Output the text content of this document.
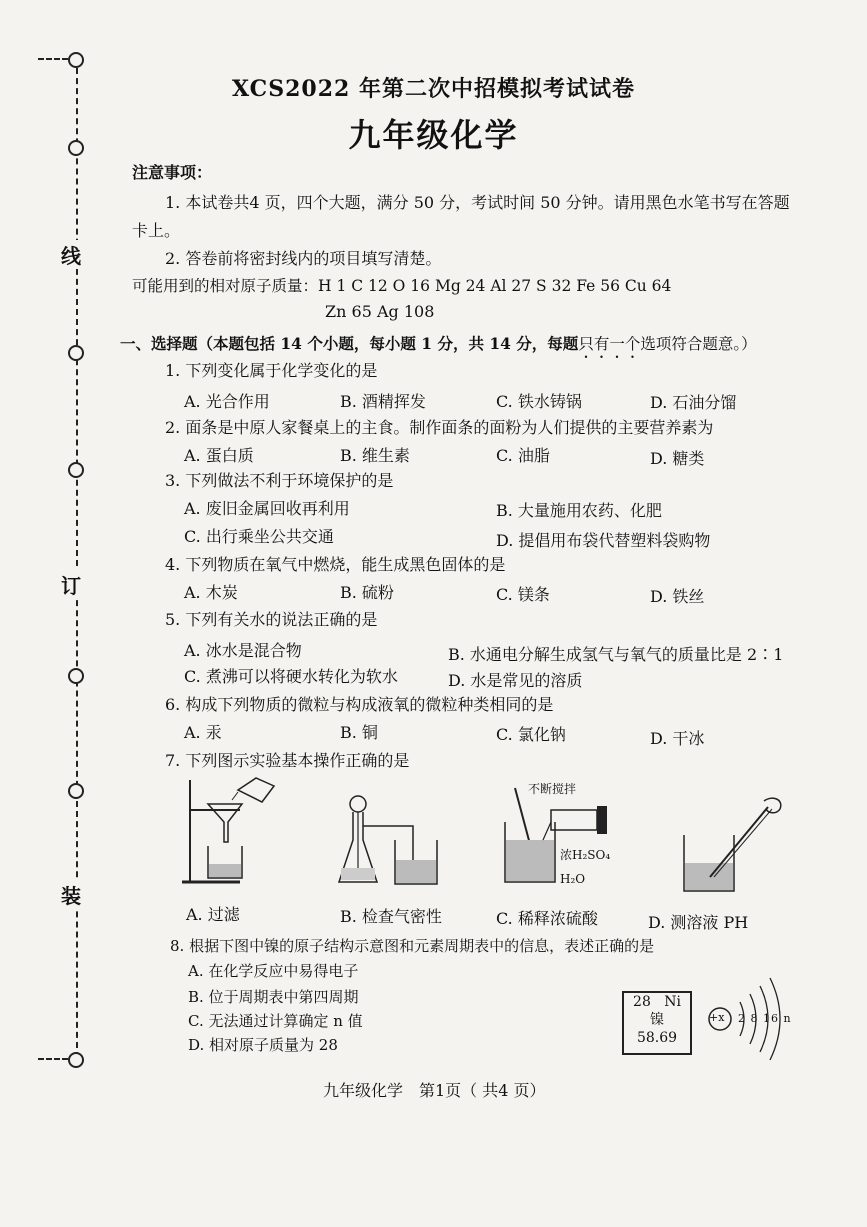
线
订
装
XCS2022 年第二次中招模拟考试试卷
九年级化学
注意事项：
1. 本试卷共4 页，四个大题，满分 50 分，考试时间 50 分钟。请用黑色水笔书写在答题
卡上。
2. 答卷前将密封线内的项目填写清楚。
可能用到的相对原子质量：H 1 C 12 O 16 Mg 24 Al 27 S 32 Fe 56 Cu 64
Zn 65 Ag 108
一、选择题（本题包括 14 个小题，每小题 1 分，共 14 分，每题只有一个选项符合题意。）
1. 下列变化属于化学变化的是
A. 光合作用	B. 酒精挥发	C. 铁水铸锅	D. 石油分馏
2. 面条是中原人家餐桌上的主食。制作面条的面粉为人们提供的主要营养素为
A. 蛋白质	B. 维生素	C. 油脂	D. 糖类
3. 下列做法不利于环境保护的是
A. 废旧金属回收再利用	B. 大量施用农药、化肥
C. 出行乘坐公共交通	D. 提倡用布袋代替塑料袋购物
4. 下列物质在氧气中燃烧，能生成黑色固体的是
A. 木炭	B. 硫粉	C. 镁条	D. 铁丝
5. 下列有关水的说法正确的是
A. 冰水是混合物	B. 水通电分解生成氢气与氧气的质量比是 2∶1
C. 煮沸可以将硬水转化为软水	D. 水是常见的溶质
6. 构成下列物质的微粒与构成液氧的微粒种类相同的是
A. 汞	B. 铜	C. 氯化钠	D. 干冰
7. 下列图示实验基本操作正确的是
不断搅拌
浓H₂SO₄
H₂O
A. 过滤	B. 检查气密性	C. 稀释浓硫酸	D. 测溶液 PH
8. 根据下图中镍的原子结构示意图和元素周期表中的信息，表述正确的是
A. 在化学反应中易得电子
B. 位于周期表中第四周期
C. 无法通过计算确定 n 值
D. 相对原子质量为 28
28 Ni
镍
58.69
+x 2 8 16 n
九年级化学　第1页（ 共4 页）
